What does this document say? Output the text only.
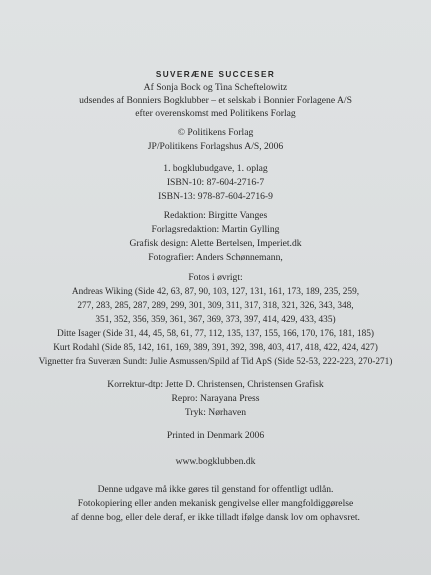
SUVERÆNE SUCCESER
Af Sonja Bock og Tina Scheftelowitz
udsendes af Bonniers Bogklubber – et selskab i Bonnier Forlagene A/S
efter overenskomst med Politikens Forlag
© Politikens Forlag
JP/Politikens Forlagshus A/S, 2006
1. bogklubudgave, 1. oplag
ISBN-10: 87-604-2716-7
ISBN-13: 978-87-604-2716-9
Redaktion: Birgitte Vanges
Forlagsredaktion: Martin Gylling
Grafisk design: Alette Bertelsen, Imperiet.dk
Fotografier: Anders Schønnemann,
Fotos i øvrigt:
Andreas Wiking (Side 42, 63, 87, 90, 103, 127, 131, 161, 173, 189, 235, 259,
277, 283, 285, 287, 289, 299, 301, 309, 311, 317, 318, 321, 326, 343, 348,
351, 352, 356, 359, 361, 367, 369, 373, 397, 414, 429, 433, 435)
Ditte Isager (Side 31, 44, 45, 58, 61, 77, 112, 135, 137, 155, 166, 170, 176, 181, 185)
Kurt Rodahl (Side 85, 142, 161, 169, 389, 391, 392, 398, 403, 417, 418, 422, 424, 427)
Vignetter fra Suveræn Sundt: Julie Asmussen/Spild af Tid ApS (Side 52-53, 222-223, 270-271)
Korrektur-dtp: Jette D. Christensen, Christensen Grafisk
Repro: Narayana Press
Tryk: Nørhaven
Printed in Denmark 2006
www.bogklubben.dk
Denne udgave må ikke gøres til genstand for offentligt udlån.
Fotokopiering eller anden mekanisk gengivelse eller mangfoldiggørelse
af denne bog, eller dele deraf, er ikke tilladt ifølge dansk lov om ophavsret.
